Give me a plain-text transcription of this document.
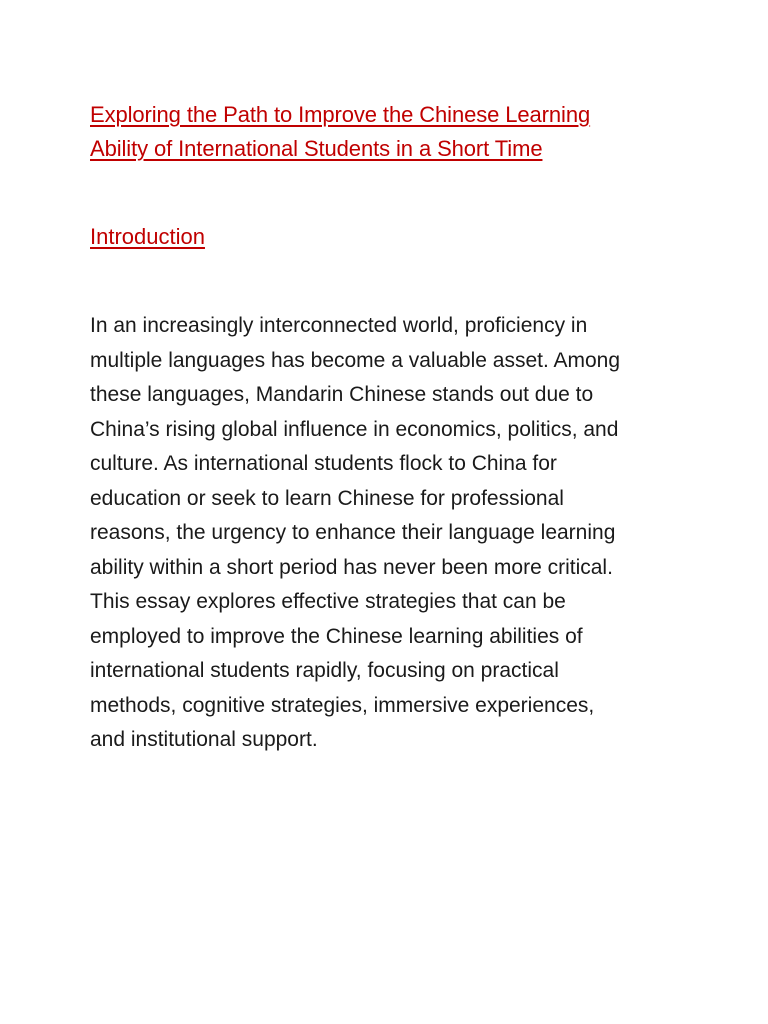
Exploring the Path to Improve the Chinese Learning
Ability of International Students in a Short Time
Introduction

In an increasingly interconnected world, proficiency in
multiple languages has become a valuable asset. Among
these languages, Mandarin Chinese stands out due to
China’s rising global influence in economics, politics, and
culture. As international students flock to China for
education or seek to learn Chinese for professional
reasons, the urgency to enhance their language learning
ability within a short period has never been more critical.
This essay explores effective strategies that can be
employed to improve the Chinese learning abilities of
international students rapidly, focusing on practical
methods, cognitive strategies, immersive experiences,
and institutional support.
